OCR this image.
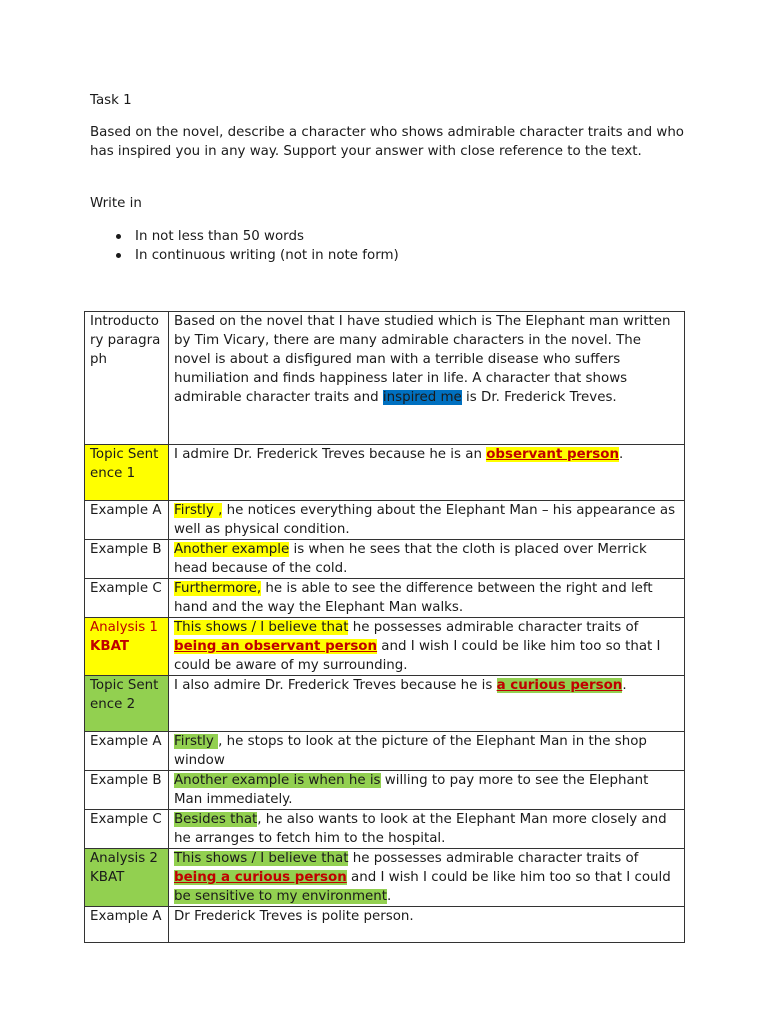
Task 1

Based on the novel, describe a character who shows admirable character traits and who has inspired you in any way. Support your answer with close reference to the text.

Write in

In not less than 50 words
In continuous writing (not in note form)
Introductory paragraph	Based on the novel that I have studied which is The Elephant man written by Tim Vicary, there are many admirable characters in the novel. The novel is about a disfigured man with a terrible disease who suffers humiliation and finds happiness later in life. A character that shows admirable character traits and inspired me is Dr. Frederick Treves.
Topic Sentence 1	I admire Dr. Frederick Treves because he is an observant person.
Example A	Firstly , he notices everything about the Elephant Man – his appearance as well as physical condition.
Example B	Another example is when he sees that the cloth is placed over Merrick head because of the cold.
Example C	Furthermore, he is able to see the difference between the right and left hand and the way the Elephant Man walks.
Analysis 1
KBAT	This shows / I believe that he possesses admirable character traits of being an observant person and I wish I could be like him too so that I could be aware of my surrounding.
Topic Sentence 2	I also admire Dr. Frederick Treves because he is a curious person.
Example A	Firstly , he stops to look at the picture of the Elephant Man in the shop window
Example B	Another example is when he is willing to pay more to see the Elephant Man immediately.
Example C	Besides that, he also wants to look at the Elephant Man more closely and he arranges to fetch him to the hospital.
Analysis 2
KBAT	This shows / I believe that he possesses admirable character traits of being a curious person and I wish I could be like him too so that I could be sensitive to my environment.
Example A	Dr Frederick Treves is polite person.
